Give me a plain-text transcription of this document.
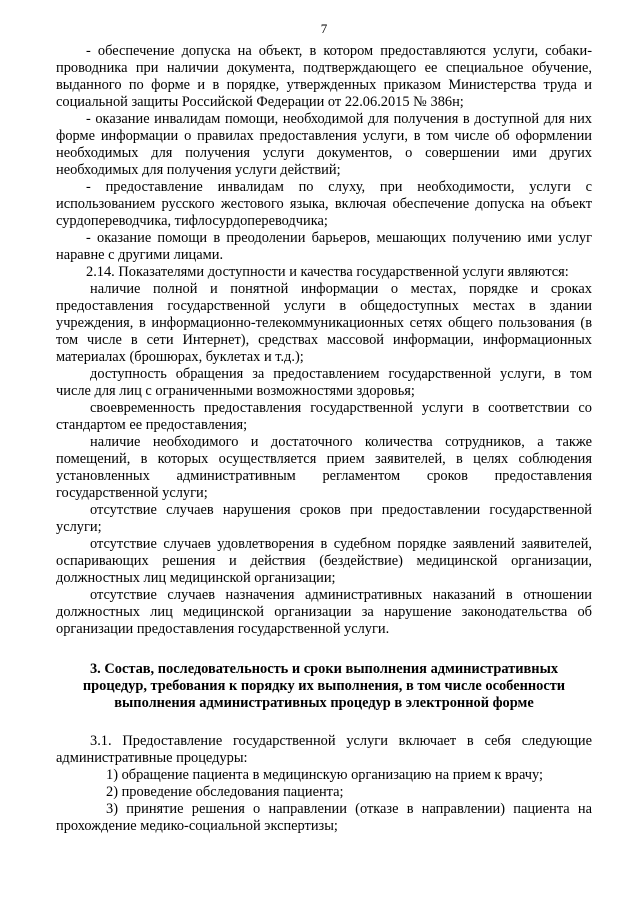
7

- обеспечение допуска на объект, в котором предоставляются услуги, собаки-проводника при наличии документа, подтверждающего ее специальное обучение, выданного по форме и в порядке, утвержденных приказом Министерства труда и социальной защиты Российской Федерации от 22.06.2015 № 386н;

- оказание инвалидам помощи, необходимой для получения в доступной для них форме информации о правилах предоставления услуги, в том числе об оформлении необходимых для получения услуги документов, о совершении ими других необходимых для получения услуги действий;

- предоставление инвалидам по слуху, при необходимости, услуги с использованием русского жестового языка, включая обеспечение допуска на объект сурдопереводчика, тифлосурдопереводчика;

- оказание помощи в преодолении барьеров, мешающих получению ими услуг наравне с другими лицами.

2.14. Показателями доступности и качества государственной услуги являются:

наличие полной и понятной информации о местах, порядке и сроках предоставления государственной услуги в общедоступных местах в здании учреждения, в информационно-телекоммуникационных сетях общего пользования (в том числе в сети Интернет), средствах массовой информации, информационных материалах (брошюрах, буклетах и т.д.);

доступность обращения за предоставлением государственной услуги, в том числе для лиц с ограниченными возможностями здоровья;

своевременность предоставления государственной услуги в соответствии со стандартом ее предоставления;

наличие необходимого и достаточного количества сотрудников, а также помещений, в которых осуществляется прием заявителей, в целях соблюдения установленных административным регламентом сроков предоставления государственной услуги;

отсутствие случаев нарушения сроков при предоставлении государственной услуги;

отсутствие случаев удовлетворения в судебном порядке заявлений заявителей, оспаривающих решения и действия (бездействие) медицинской организации, должностных лиц медицинской организации;

отсутствие случаев назначения административных наказаний в отношении должностных лиц медицинской организации за нарушение законодательства об организации предоставления государственной услуги.

3. Состав, последовательность и сроки выполнения административных
процедур, требования к порядку их выполнения, в том числе особенности
выполнения административных процедур в электронной форме

3.1. Предоставление государственной услуги включает в себя следующие административные процедуры:

1) обращение пациента в медицинскую организацию на прием к врачу;

2) проведение обследования пациента;

3) принятие решения о направлении (отказе в направлении) пациента на прохождение медико-социальной экспертизы;
